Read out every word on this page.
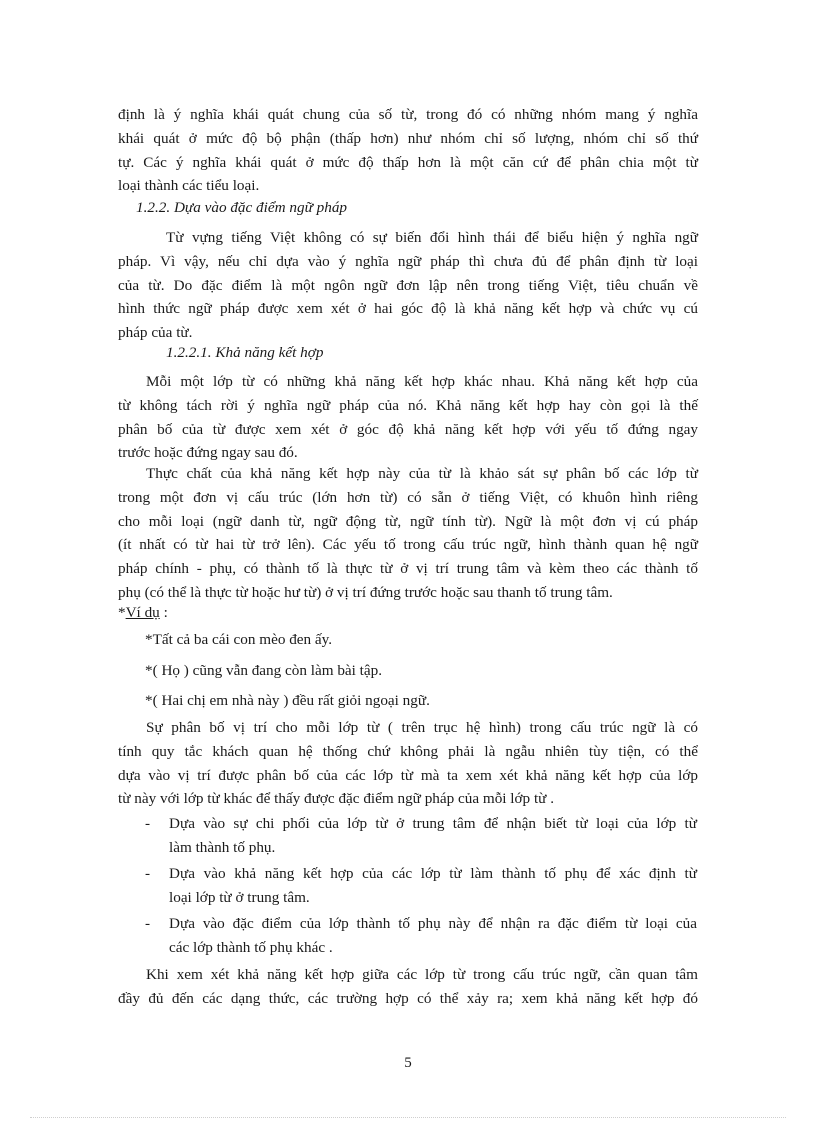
định là ý nghĩa khái quát chung của số từ, trong đó có những nhóm mang ý nghĩa
khái quát ở mức độ bộ phận (thấp hơn) như nhóm chỉ số lượng, nhóm chỉ số thứ
tự. Các ý nghĩa khái quát ở mức độ thấp hơn là một căn cứ để phân chia một từ
loại thành các tiểu loại.
1.2.2. Dựa vào đặc điểm ngữ pháp
Từ vựng tiếng Việt không có sự biến đổi hình thái để biểu hiện ý nghĩa ngữ
pháp. Vì vậy, nếu chỉ dựa vào ý nghĩa ngữ pháp thì chưa đủ để phân định từ loại
của từ. Do đặc điểm là một ngôn ngữ đơn lập nên trong tiếng Việt, tiêu chuẩn về
hình thức ngữ pháp được xem xét ở hai góc độ là khả năng kết hợp và chức vụ cú
pháp của từ.
1.2.2.1. Khả năng kết hợp
Mỗi một lớp từ có những khả năng kết hợp khác nhau. Khả năng kết hợp của
từ không tách rời ý nghĩa ngữ pháp của nó. Khả năng kết hợp hay còn gọi là thế
phân bố của từ được xem xét ở góc độ khả năng kết hợp với yếu tố đứng ngay
trước hoặc đứng ngay sau đó.
Thực chất của khả năng kết hợp này của từ là khảo sát sự phân bố các lớp từ
trong một đơn vị cấu trúc (lớn hơn từ) có sẵn ở tiếng Việt, có khuôn hình riêng
cho mỗi loại (ngữ danh từ, ngữ động từ, ngữ tính từ). Ngữ là một đơn vị cú pháp
(ít nhất có từ hai từ trở lên). Các yếu tố trong cấu trúc ngữ, hình thành quan hệ ngữ
pháp chính - phụ, có thành tố là thực từ ở vị trí trung tâm và kèm theo các thành tố
phụ (có thể là thực từ hoặc hư từ) ở vị trí đứng trước hoặc sau thanh tố trung tâm.
*Ví dụ :
*Tất cả ba cái con mèo đen ấy.
*( Họ ) cũng vẫn đang còn làm bài tập.
*( Hai chị em nhà này ) đều rất giỏi ngoại ngữ.
Sự phân bố vị trí cho mỗi lớp từ ( trên trục hệ hình) trong cấu trúc ngữ là có
tính quy tắc khách quan hệ thống chứ không phải là ngẫu nhiên tùy tiện, có thể
dựa vào vị trí được phân bố của các lớp từ mà ta xem xét khả năng kết hợp của lớp
từ này với lớp từ khác để thấy được đặc điểm ngữ pháp của mỗi lớp từ .
- Dựa vào sự chi phối của lớp từ ở trung tâm để nhận biết từ loại của lớp từ
làm thành tố phụ.
- Dựa vào khả năng kết hợp của các lớp từ làm thành tố phụ để xác định từ
loại lớp từ ở trung tâm.
- Dựa vào đặc điểm của lớp thành tố phụ này để nhận ra đặc điểm từ loại của
các lớp thành tố phụ khác .
Khi xem xét khả năng kết hợp giữa các lớp từ trong cấu trúc ngữ, cần quan tâm
đầy đủ đến các dạng thức, các trường hợp có thể xảy ra; xem khả năng kết hợp đó
5
